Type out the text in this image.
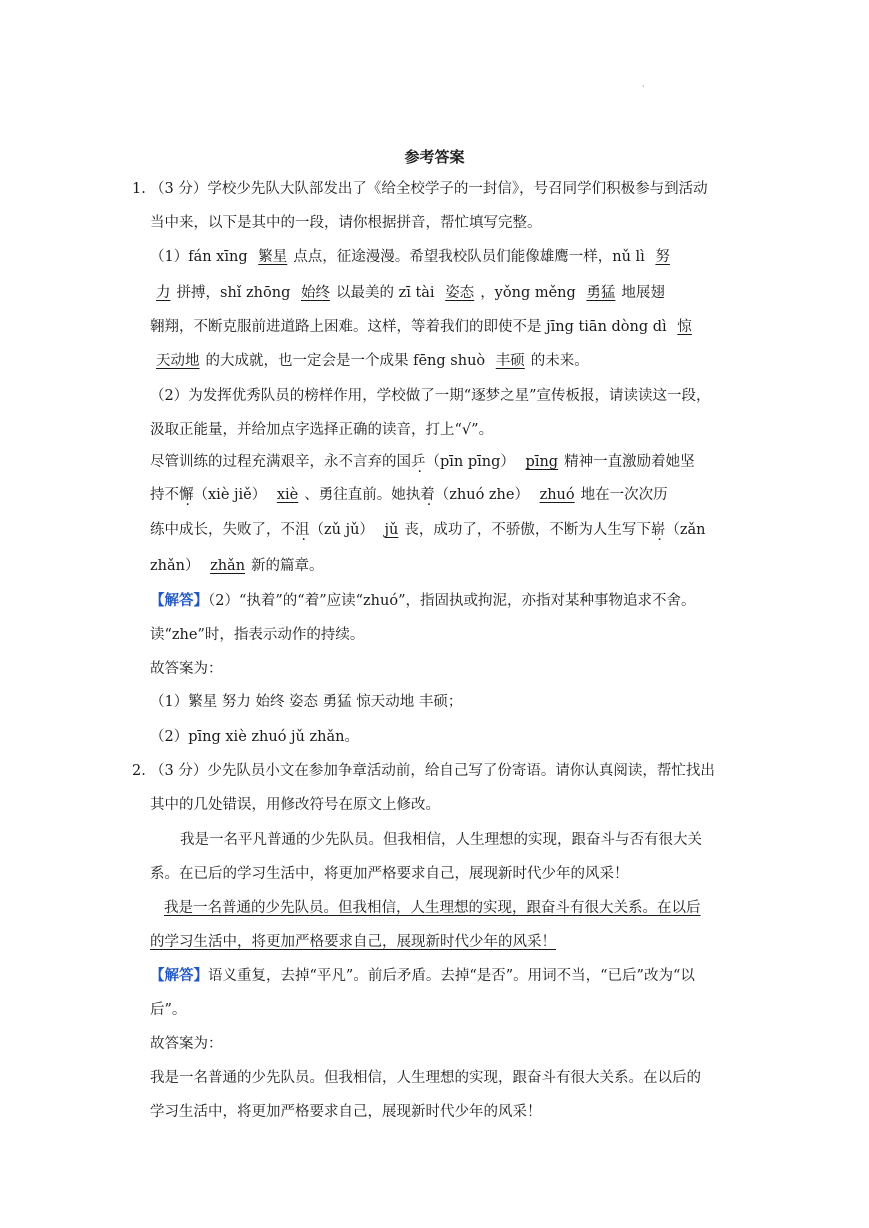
·
参考答案
1. （3 分）学校少先队大队部发出了《给全校学子的一封信》，号召同学们积极参与到活动
当中来，以下是其中的一段，请你根据拼音，帮忙填写完整。
（1）fán xīng 繁星 点点，征途漫漫。希望我校队员们能像雄鹰一样，nǔ lì 努
力 拼搏，shǐ zhōng 始终 以最美的 zī tài 姿态 ，yǒng měng 勇猛 地展翅
翱翔，不断克服前进道路上困难。这样，等着我们的即使不是 jīng tiān dòng dì 惊
天动地 的大成就，也一定会是一个成果 fēng shuò 丰硕 的未来。
（2）为发挥优秀队员的榜样作用，学校做了一期“逐梦之星”宣传板报，请读读这一段，
汲取正能量，并给加点字选择正确的读音，打上“√”。
尽管训练的过程充满艰辛，永不言弃的国乒（pīn pīng） pīng 精神一直激励着她坚
持不懈（xiè jiě） xiè 、勇往直前。她执着（zhuó zhe） zhuó 地在一次次历
练中成长，失败了，不沮（zǔ jǔ） jǔ 丧，成功了，不骄傲，不断为人生写下崭（zǎn
zhǎn） zhǎn 新的篇章。
【解答】（2）“执着”的“着”应读“zhuó”，指固执或拘泥，亦指对某种事物追求不舍。
读“zhe”时，指表示动作的持续。
故答案为：
（1）繁星 努力 始终 姿态 勇猛 惊天动地 丰硕；
（2）pīng xiè zhuó jǔ zhǎn。
2. （3 分）少先队员小文在参加争章活动前，给自己写了份寄语。请你认真阅读，帮忙找出
其中的几处错误，用修改符号在原文上修改。
我是一名平凡普通的少先队员。但我相信，人生理想的实现，跟奋斗与否有很大关
系。在已后的学习生活中，将更加严格要求自己，展现新时代少年的风采！
我是一名普通的少先队员。但我相信，人生理想的实现，跟奋斗有很大关系。在以后
的学习生活中，将更加严格要求自己，展现新时代少年的风采！
【解答】语义重复，去掉“平凡”。前后矛盾。去掉“是否”。用词不当，“已后”改为“以
后”。
故答案为：
我是一名普通的少先队员。但我相信，人生理想的实现，跟奋斗有很大关系。在以后的
学习生活中，将更加严格要求自己，展现新时代少年的风采！
